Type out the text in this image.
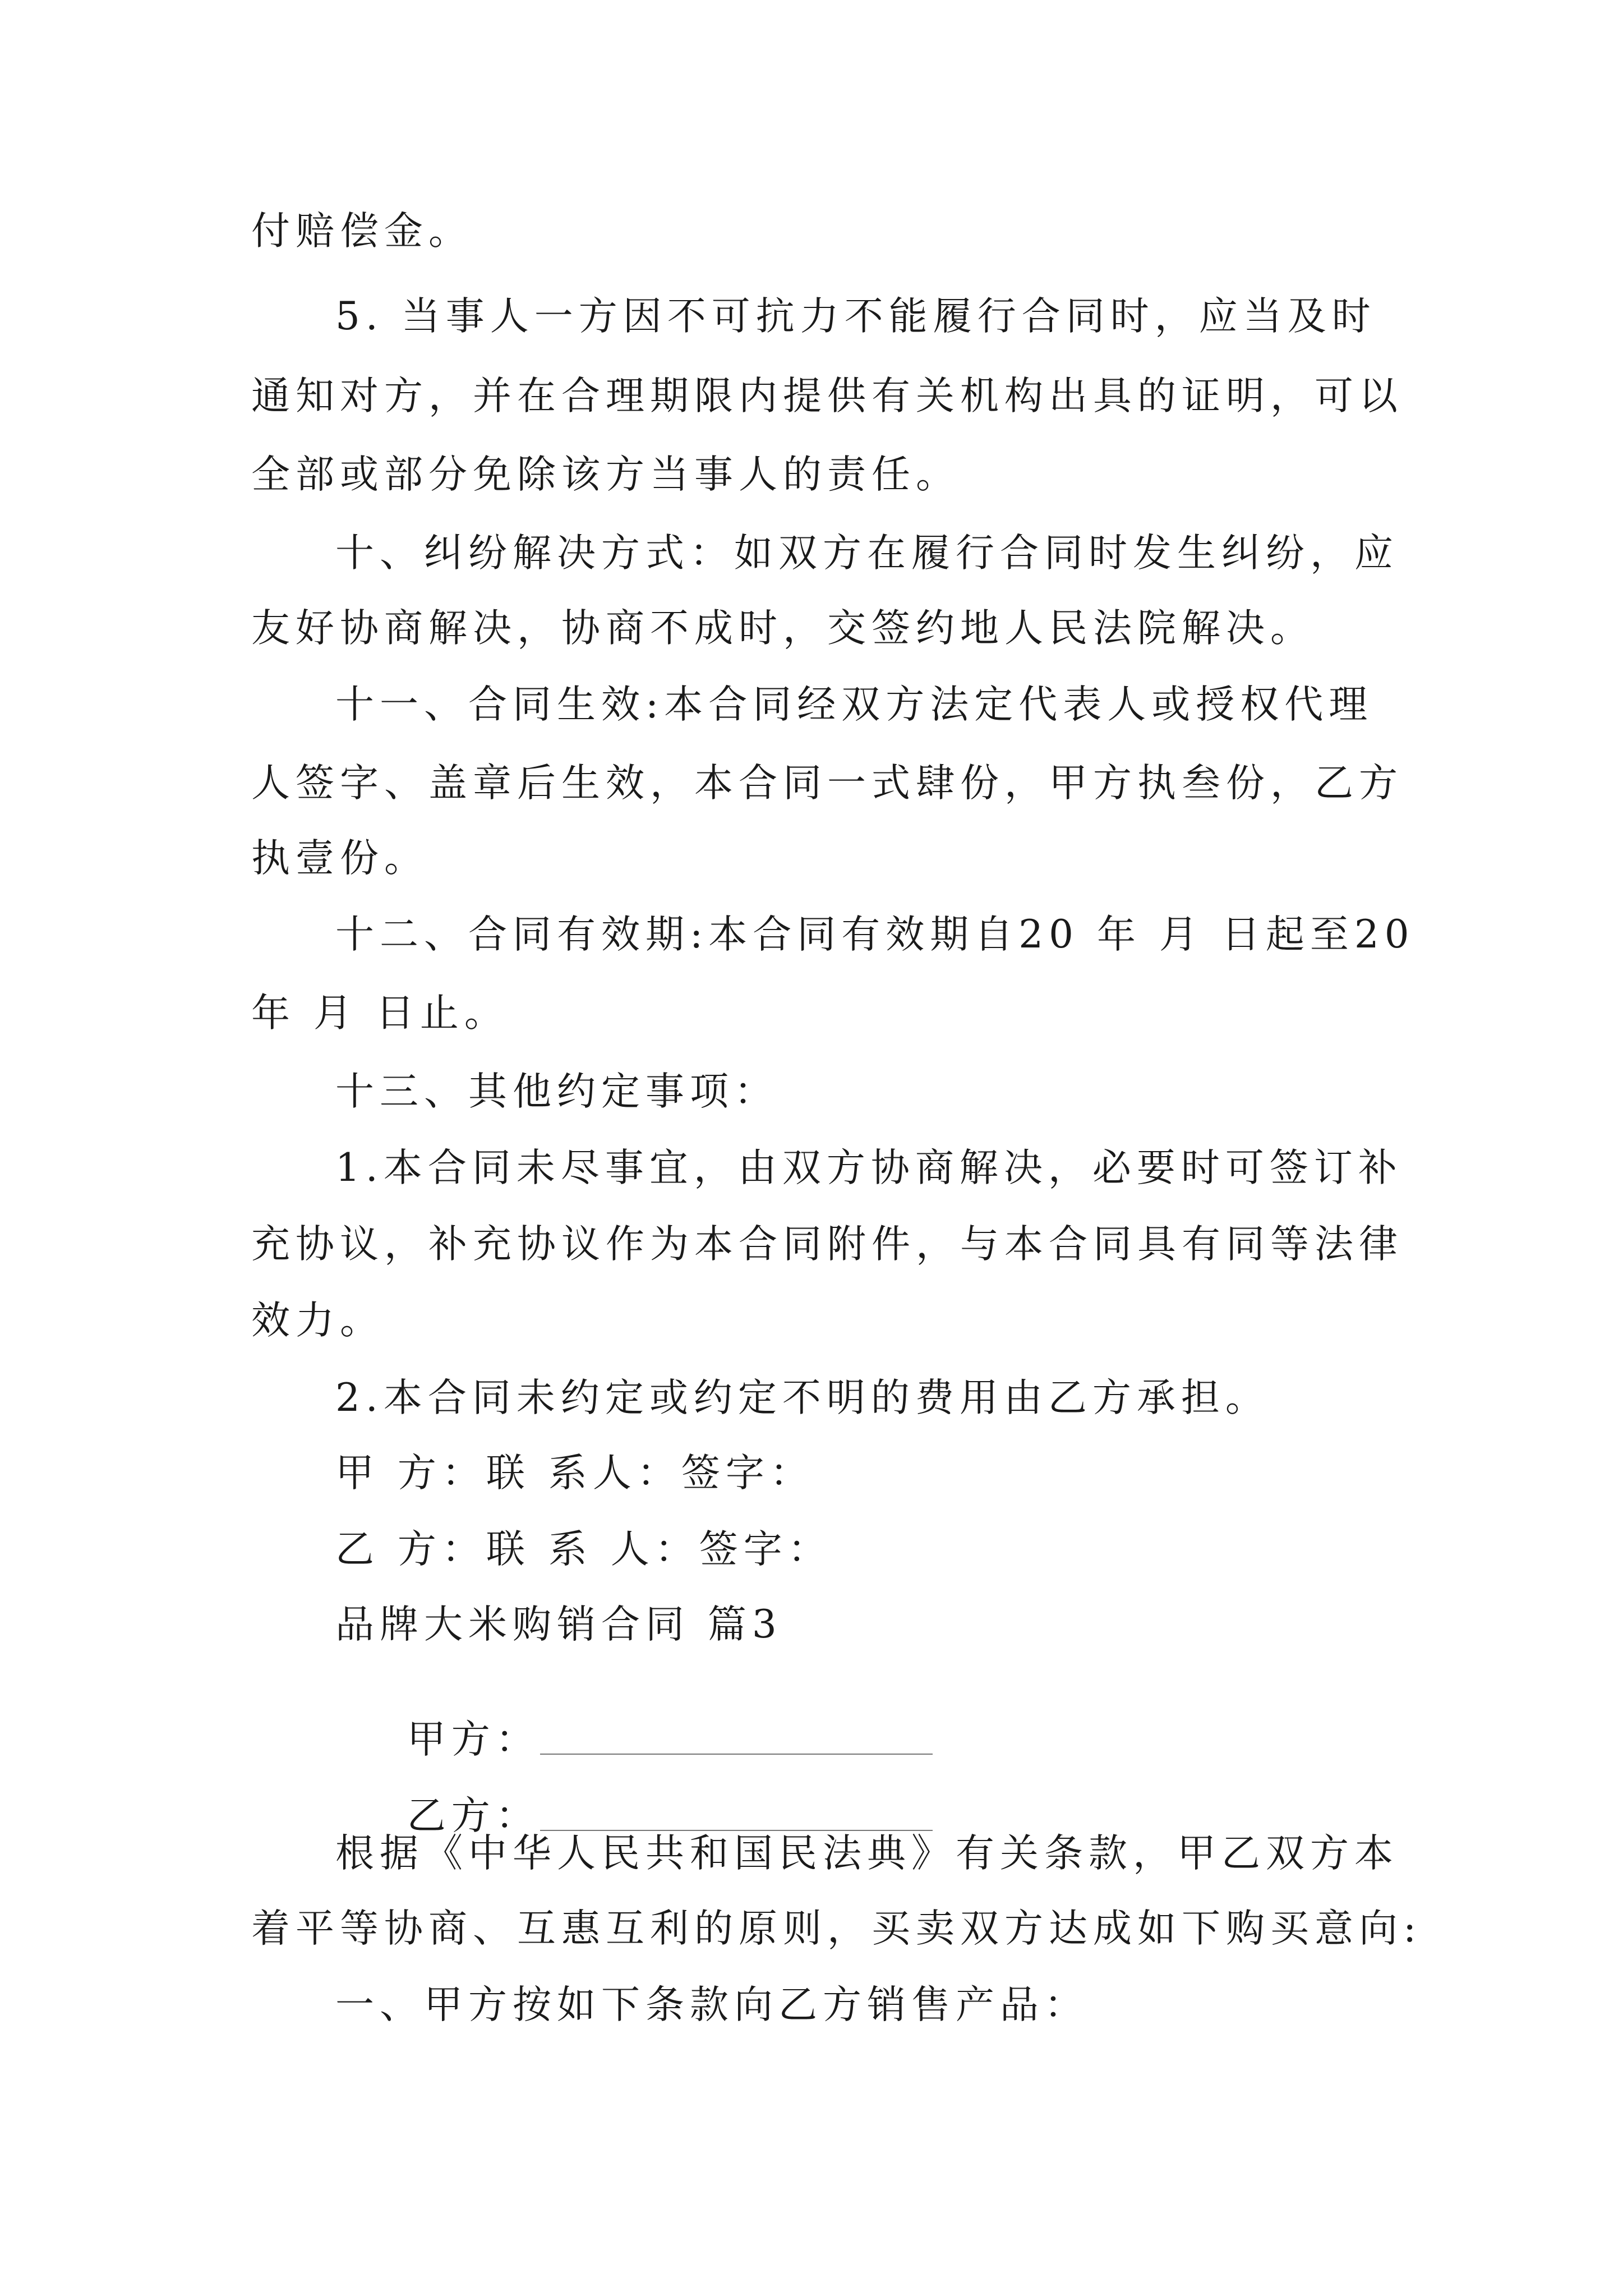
付赔偿金。
5. 当事人一方因不可抗力不能履行合同时，应当及时
通知对方，并在合理期限内提供有关机构出具的证明，可以
全部或部分免除该方当事人的责任。
十、纠纷解决方式：如双方在履行合同时发生纠纷，应
友好协商解决，协商不成时，交签约地人民法院解决。
十一、合同生效:本合同经双方法定代表人或授权代理
人签字、盖章后生效，本合同一式肆份，甲方执叁份，乙方
执壹份。
十二、合同有效期:本合同有效期自20 年 月 日起至20
年 月 日止。
十三、其他约定事项：
1.本合同未尽事宜，由双方协商解决，必要时可签订补
充协议，补充协议作为本合同附件，与本合同具有同等法律
效力。
2.本合同未约定或约定不明的费用由乙方承担。
甲 方：联 系人：签字：
乙 方：联 系 人：签字：
品牌大米购销合同 篇3

甲方：

乙方：

根据《中华人民共和国民法典》有关条款，甲乙双方本
着平等协商、互惠互利的原则，买卖双方达成如下购买意向:
一、甲方按如下条款向乙方销售产品：
